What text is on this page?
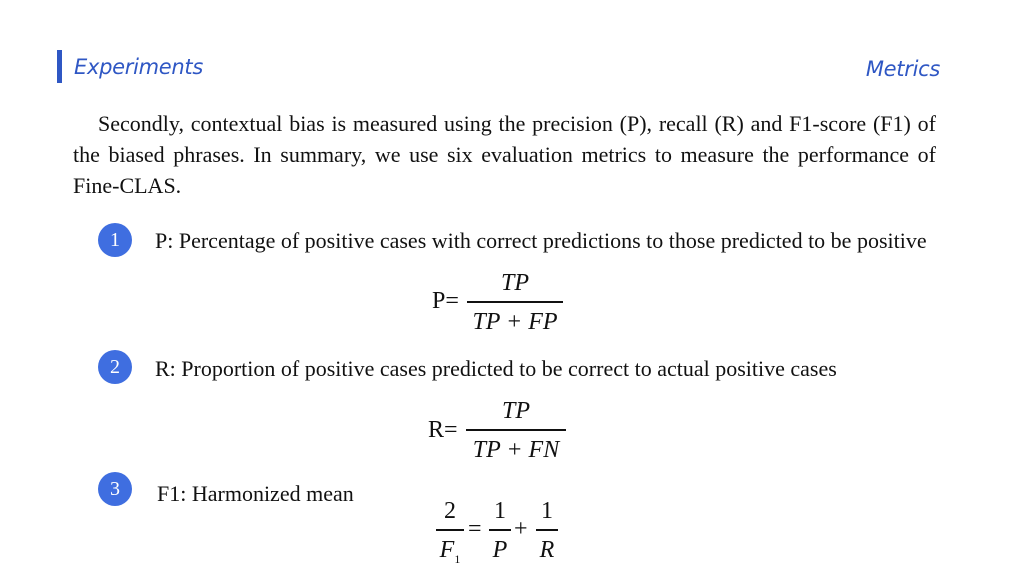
Experiments	Metrics

Secondly, contextual bias is measured using the precision (P), recall (R) and F1-score (F1) of the biased phrases. In summary, we use six evaluation metrics to measure the performance of Fine-CLAS.

1	P: Percentage of positive cases with correct predictions to those predicted to be positive

P=
TP
TP + FP
2	R: Proportion of positive cases predicted to be correct to actual positive cases

R=
TP
TP + FN
3	F1: Harmonized mean

2
$F_1$
=
1
P
+
1
R
